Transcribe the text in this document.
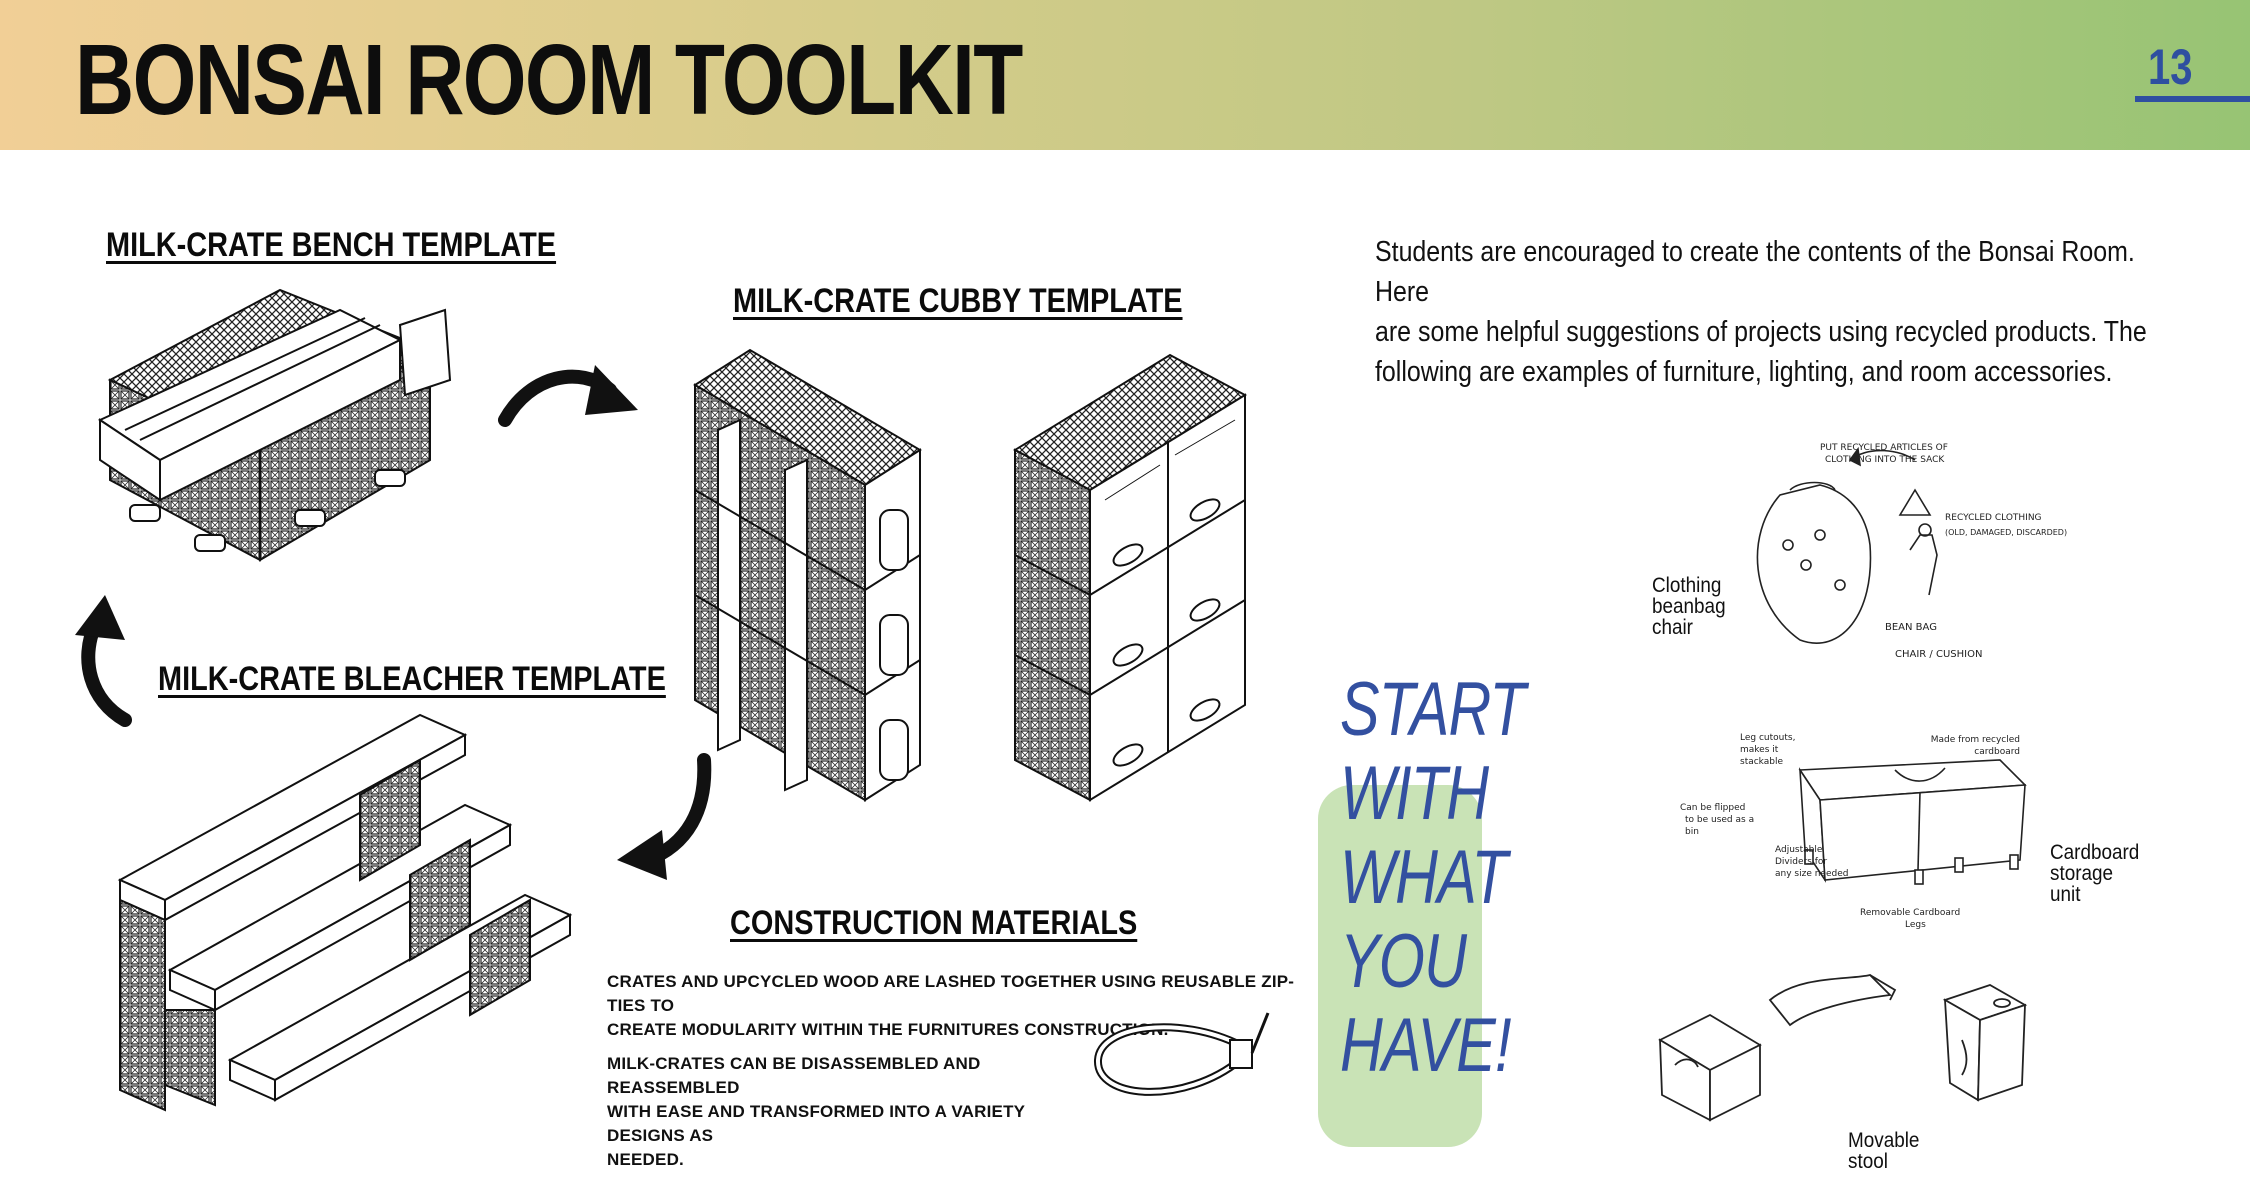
BONSAI ROOM TOOLKIT	13
MILK-CRATE BENCH TEMPLATE
MILK-CRATE CUBBY TEMPLATE
MILK-CRATE BLEACHER TEMPLATE
CONSTRUCTION MATERIALS
Students are encouraged to create the contents of the Bonsai Room. Here
are some helpful suggestions of projects using recycled products. The
following are examples of furniture, lighting, and room accessories.
CRATES AND UPCYCLED WOOD ARE LASHED TOGETHER USING REUSABLE ZIP-TIES TO
CREATE MODULARITY WITHIN THE FURNITURES CONSTRUCTION.
MILK-CRATES CAN BE DISASSEMBLED AND REASSEMBLED
WITH EASE AND TRANSFORMED INTO A VARIETY DESIGNS AS
NEEDED.
START
WITH
WHAT
YOU
HAVE!
Clothing
beanbag
chair
Cardboard
storage
unit
Movable
stool
PUT RECYCLED ARTICLES OF
CLOTHING INTO THE SACK
RECYCLED CLOTHING
(OLD, DAMAGED, DISCARDED)
BEAN BAG
CHAIR / CUSHION
Leg cutouts,
makes it
stackable
Can be flipped
to be used as a
bin
Adjustable
Dividers for
any size needed
Removable Cardboard
Legs
Made from recycled
cardboard
